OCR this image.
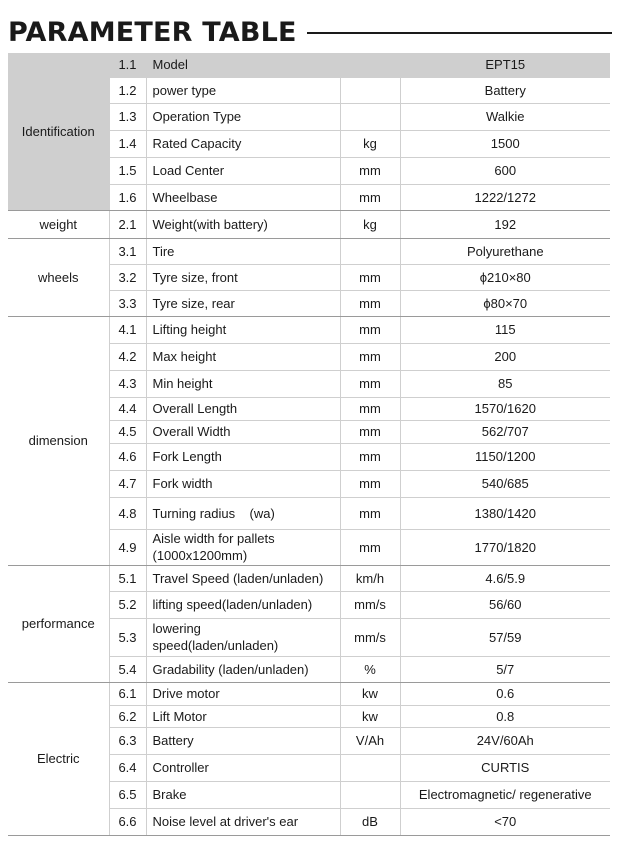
PARAMETER TABLE
Identification	1.1	Model		EPT15
	1.2	power type		Battery
	1.3	Operation Type		Walkie
	1.4	Rated Capacity	kg	1500
	1.5	Load Center	mm	600
	1.6	Wheelbase	mm	1222/1272
weight	2.1	Weight(with battery)	kg	192
wheels	3.1	Tire		Polyurethane
	3.2	Tyre size, front	mm	ϕ210×80
	3.3	Tyre size, rear	mm	ϕ80×70
dimension	4.1	Lifting height	mm	115
	4.2	Max height	mm	200
	4.3	Min height	mm	85
	4.4	Overall Length	mm	1570/1620
	4.5	Overall Width	mm	562/707
	4.6	Fork Length	mm	1150/1200
	4.7	Fork width	mm	540/685
	4.8	Turning radius    (wa)	mm	1380/1420
	4.9	Aisle width for pallets
(1000x1200mm)	mm	1770/1820
performance	5.1	Travel Speed (laden/unladen)	km/h	4.6/5.9
	5.2	lifting speed(laden/unladen)	mm/s	56/60
	5.3	lowering
speed(laden/unladen)	mm/s	57/59
	5.4	Gradability (laden/unladen)	%	5/7
Electric	6.1	Drive motor	kw	0.6
	6.2	Lift Motor	kw	0.8
	6.3	Battery	V/Ah	24V/60Ah
	6.4	Controller		CURTIS
	6.5	Brake		Electromagnetic/ regenerative
	6.6	Noise level at driver's ear	dB	<70
